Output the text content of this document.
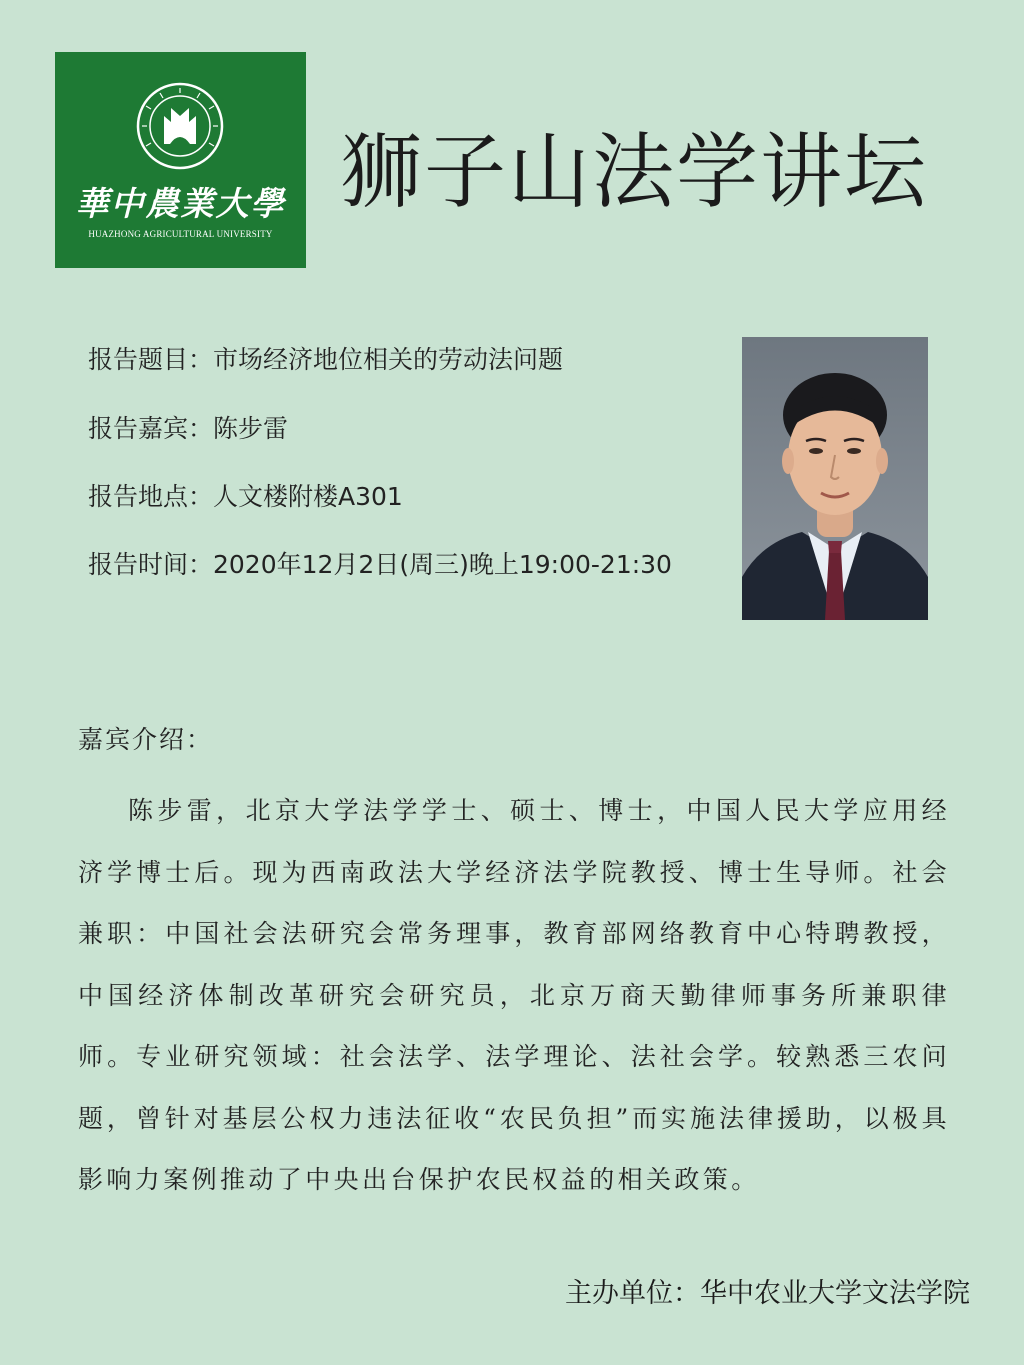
華中農業大學
HUAZHONG AGRICULTURAL UNIVERSITY
狮子山法学讲坛
报告题目：市场经济地位相关的劳动法问题
报告嘉宾：陈步雷
报告地点：人文楼附楼A301
报告时间：2020年12月2日(周三)晚上19:00-21:30
嘉宾介绍：

陈步雷，北京大学法学学士、硕士、博士，中国人民大学应用经济学博士后。现为西南政法大学经济法学院教授、博士生导师。社会兼职：中国社会法研究会常务理事，教育部网络教育中心特聘教授，中国经济体制改革研究会研究员，北京万商天勤律师事务所兼职律师。专业研究领域：社会法学、法学理论、法社会学。较熟悉三农问题，曾针对基层公权力违法征收“农民负担”而实施法律援助，以极具影响力案例推动了中央出台保护农民权益的相关政策。

主办单位：华中农业大学文法学院
